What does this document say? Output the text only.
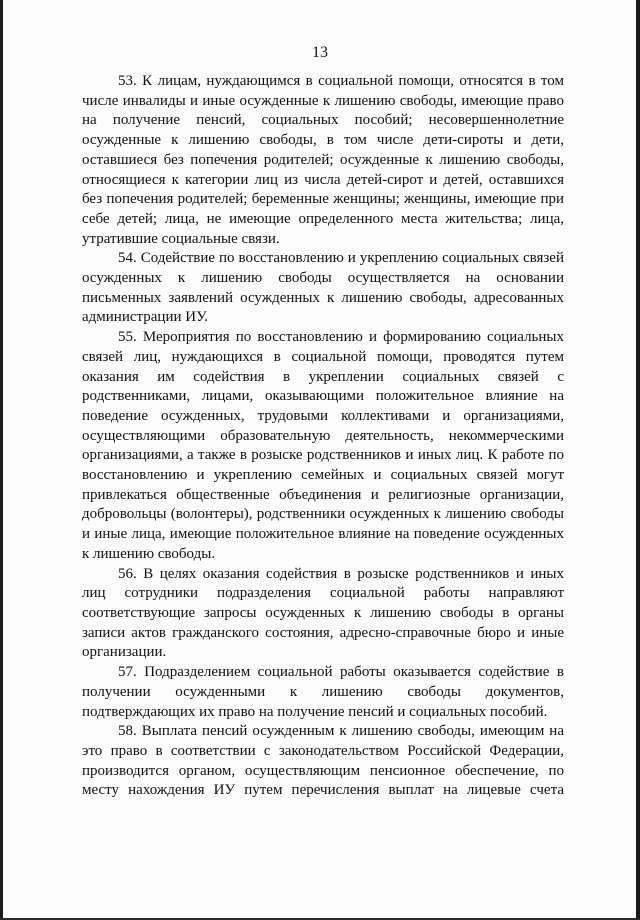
13

53. К лицам, нуждающимся в социальной помощи, относятся в том числе инвалиды и иные осужденные к лишению свободы, имеющие право на получение пенсий, социальных пособий; несовершеннолетние осужденные к лишению свободы, в том числе дети-сироты и дети, оставшиеся без попечения родителей; осужденные к лишению свободы, относящиеся к категории лиц из числа детей-сирот и детей, оставшихся без попечения родителей; беременные женщины; женщины, имеющие при себе детей; лица, не имеющие определенного места жительства; лица, утратившие социальные связи.

54. Содействие по восстановлению и укреплению социальных связей осужденных к лишению свободы осуществляется на основании письменных заявлений осужденных к лишению свободы, адресованных администрации ИУ.

55. Мероприятия по восстановлению и формированию социальных связей лиц, нуждающихся в социальной помощи, проводятся путем оказания им содействия в укреплении социальных связей с родственниками, лицами, оказывающими положительное влияние на поведение осужденных, трудовыми коллективами и организациями, осуществляющими образовательную деятельность, некоммерческими организациями, а также в розыске родственников и иных лиц. К работе по восстановлению и укреплению семейных и социальных связей могут привлекаться общественные объединения и религиозные организации, добровольцы (волонтеры), родственники осужденных к лишению свободы и иные лица, имеющие положительное влияние на поведение осужденных к лишению свободы.

56. В целях оказания содействия в розыске родственников и иных лиц сотрудники подразделения социальной работы направляют соответствующие запросы осужденных к лишению свободы в органы записи актов гражданского состояния, адресно-справочные бюро и иные организации.

57. Подразделением социальной работы оказывается содействие в получении осужденными к лишению свободы документов, подтверждающих их право на получение пенсий и социальных пособий.

58. Выплата пенсий осужденным к лишению свободы, имеющим на это право в соответствии с законодательством Российской Федерации, производится органом, осуществляющим пенсионное обеспечение, по месту нахождения ИУ путем перечисления выплат на лицевые счета
